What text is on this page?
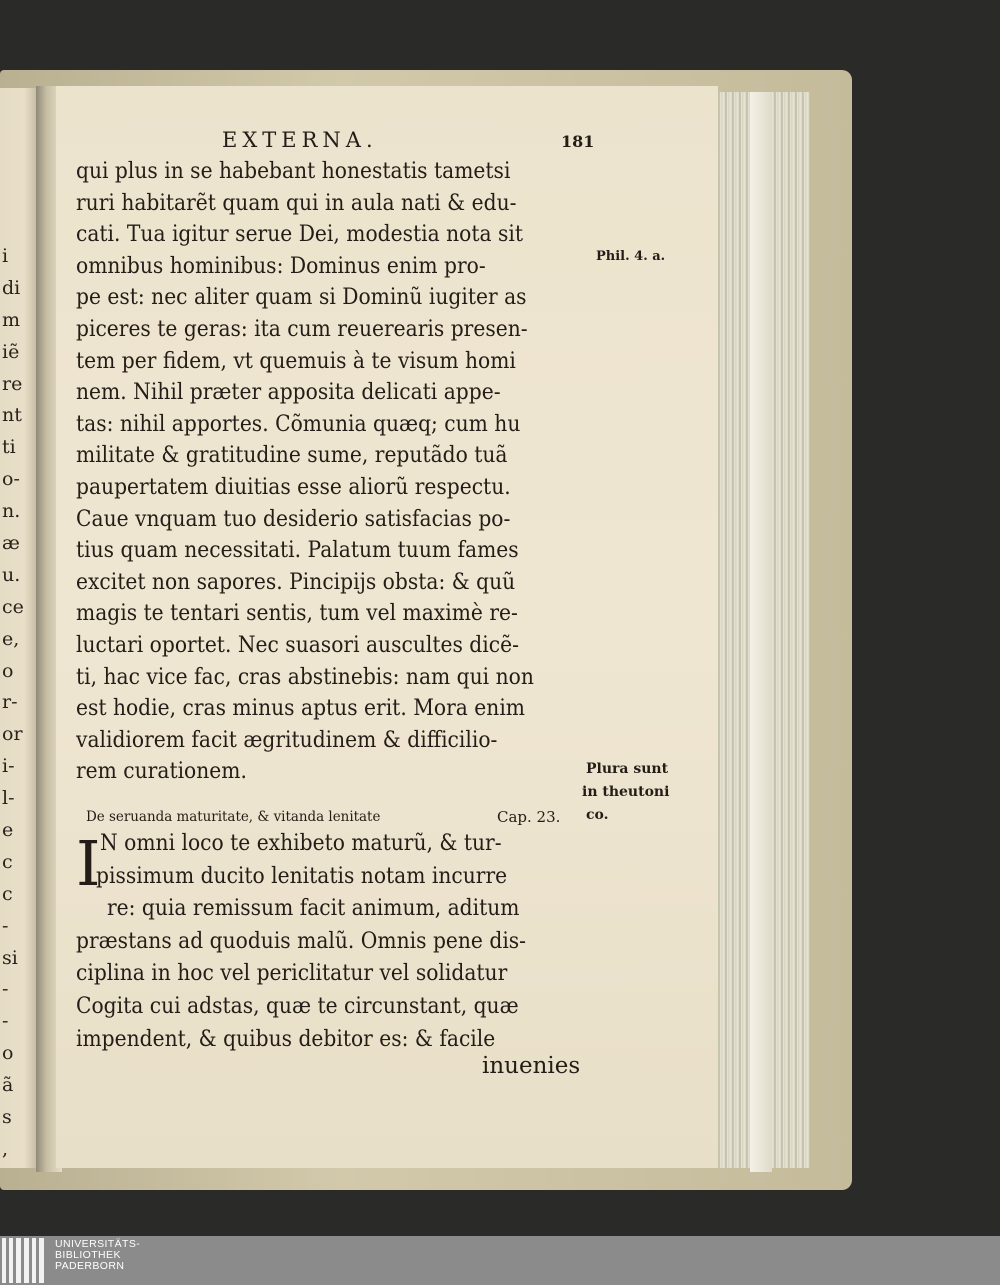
i
di
m
iẽ
re
nt
ti
o-
n.
æ
u.
ce
e,
o
r-
or
i-
l-
e
c
c
-
si
-
-
o
ã
s
,
EXTERNA.	181
qui plus in se habebant honestatis tametsi
ruri habitarẽt quam qui in aula nati & edu-
cati. Tua igitur serue Dei, modestia nota sit
omnibus hominibus: Dominus enim pro-
pe est: nec aliter quam si Dominũ iugiter as
piceres te geras: ita cum reuerearis presen-
tem per fidem, vt quemuis à te visum homi
nem. Nihil præter apposita delicati appe-
tas: nihil apportes. Cõmunia quæq; cum hu
militate & gratitudine sume, reputãdo tuã
paupertatem diuitias esse aliorũ respectu.
Caue vnquam tuo desiderio satisfacias po-
tius quam necessitati. Palatum tuum fames
excitet non sapores. Pincipijs obsta: & quũ
magis te tentari sentis, tum vel maximè re-
luctari oportet. Nec suasori auscultes dicẽ-
ti, hac vice fac, cras abstinebis: nam qui non
est hodie, cras minus aptus erit. Mora enim
validiorem facit ægritudinem & difficilio-
rem curationem.
De seruanda maturitate, & vitanda lenitate	Cap. 23.
I N omni loco te exhibeto maturũ, & tur-
pissimum ducito lenitatis notam incurre
re: quia remissum facit animum, aditum
præstans ad quoduis malũ. Omnis pene dis-
ciplina in hoc vel periclitatur vel solidatur
Cogita cui adstas, quæ te circunstant, quæ
impendent, & quibus debitor es: & facile
inuenies
Phil. 4. a.
Plura sunt
in theutoni
co.
UNIVERSITÄTS-
BIBLIOTHEK
PADERBORN
